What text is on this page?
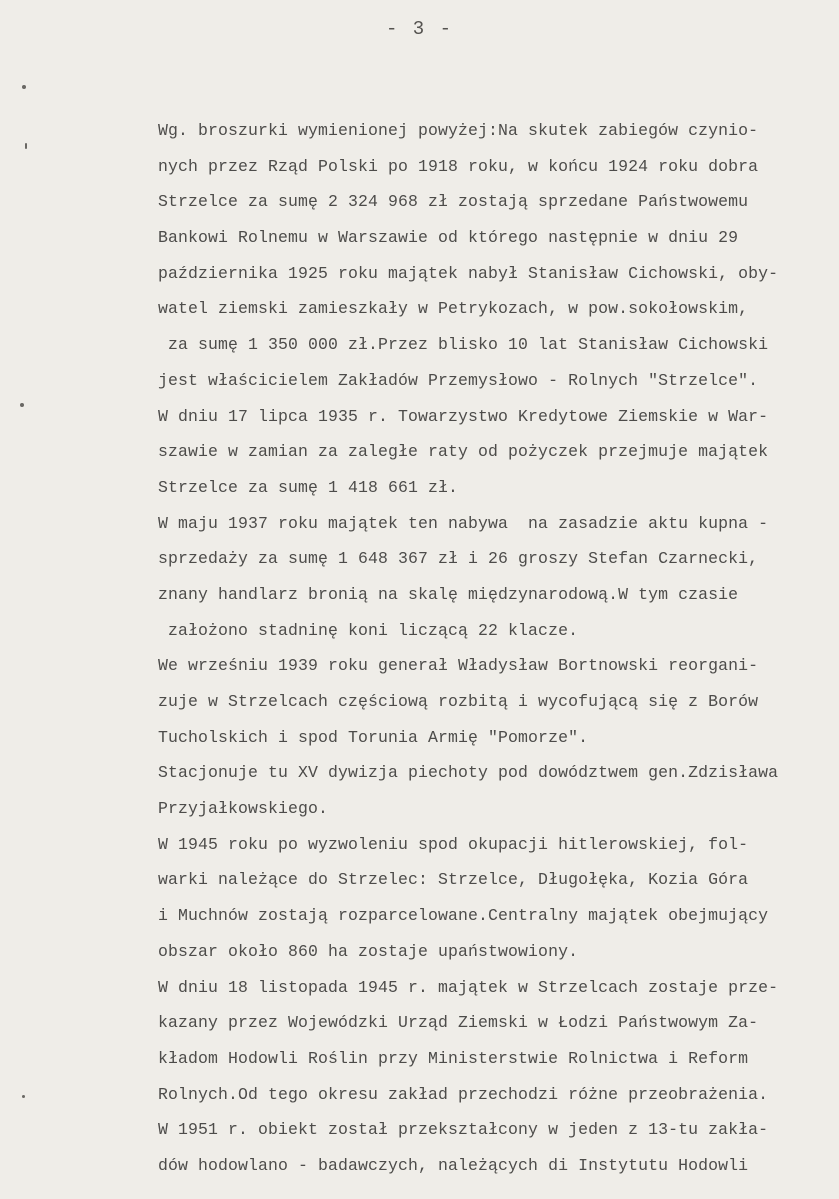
- 3 -
Wg. broszurki wymienionej powyżej:Na skutek zabiegów czynio-
nych przez Rząd Polski po 1918 roku, w końcu 1924 roku dobra
Strzelce za sumę 2 324 968 zł zostają sprzedane Państwowemu
Bankowi Rolnemu w Warszawie od którego następnie w dniu 29
października 1925 roku majątek nabył Stanisław Cichowski, oby-
watel ziemski zamieszkały w Petrykozach, w pow.sokołowskim,
za sumę 1 350 000 zł.Przez blisko 10 lat Stanisław Cichowski
jest właścicielem Zakładów Przemysłowo - Rolnych "Strzelce".
W dniu 17 lipca 1935 r. Towarzystwo Kredytowe Ziemskie w War-
szawie w zamian za zaległe raty od pożyczek przejmuje majątek
Strzelce za sumę 1 418 661 zł.
W maju 1937 roku majątek ten nabywa  na zasadzie aktu kupna -
sprzedaży za sumę 1 648 367 zł i 26 groszy Stefan Czarnecki,
znany handlarz bronią na skalę międzynarodową.W tym czasie
założono stadninę koni liczącą 22 klacze.
We wrześniu 1939 roku generał Władysław Bortnowski reorgani-
zuje w Strzelcach częściową rozbitą i wycofującą się z Borów
Tucholskich i spod Torunia Armię "Pomorze".
Stacjonuje tu XV dywizja piechoty pod dowództwem gen.Zdzisława
Przyjałkowskiego.
W 1945 roku po wyzwoleniu spod okupacji hitlerowskiej, fol-
warki należące do Strzelec: Strzelce, Długołęka, Kozia Góra
i Muchnów zostają rozparcelowane.Centralny majątek obejmujący
obszar około 860 ha zostaje upaństwowiony.
W dniu 18 listopada 1945 r. majątek w Strzelcach zostaje prze-
kazany przez Wojewódzki Urząd Ziemski w Łodzi Państwowym Za-
kładom Hodowli Roślin przy Ministerstwie Rolnictwa i Reform
Rolnych.Od tego okresu zakład przechodzi różne przeobrażenia.
W 1951 r. obiekt został przekształcony w jeden z 13-tu zakła-
dów hodowlano - badawczych, należących di Instytutu Hodowli
